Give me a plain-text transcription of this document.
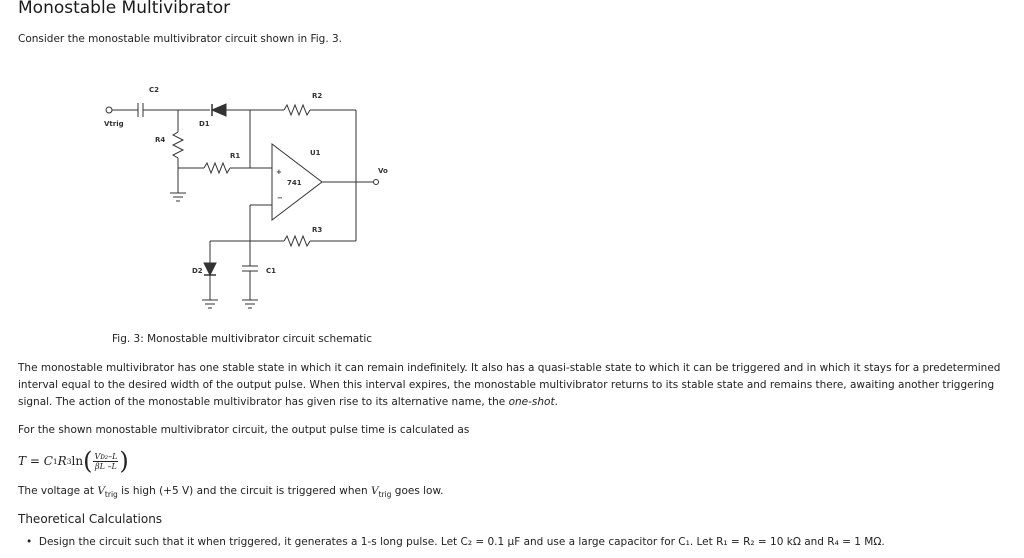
Monostable Multivibrator
Consider the monostable multivibrator circuit shown in Fig. 3.
C2
Vtrig	D1
R4
R2
R1	U1
+
741
−
Vo
R3
D2	C1
Fig. 3: Monostable multivibrator circuit schematic
The monostable multivibrator has one stable state in which it can remain indefinitely. It also has a quasi-stable state to which it can be triggered and in which it stays for a predetermined
interval equal to the desired width of the output pulse. When this interval expires, the monostable multivibrator returns to its stable state and remains there, awaiting another triggering
signal. The action of the monostable multivibrator has given rise to its alternative name, the one-shot.
For the shown monostable multivibrator circuit, the output pulse time is calculated as
T = C 1 R 3 ln ( $\frac{\text{Vᴅ₂–L}}{\beta L -L}$ )
The voltage at $V_{trig}$ is high (+5 V) and the circuit is triggered when $V_{trig}$ goes low.
Theoretical Calculations
• Design the circuit such that it when triggered, it generates a 1-s long pulse. Let C₂ = 0.1 μF and use a large capacitor for C₁. Let R₁ = R₂ = 10 kΩ and R₄ = 1 MΩ.
